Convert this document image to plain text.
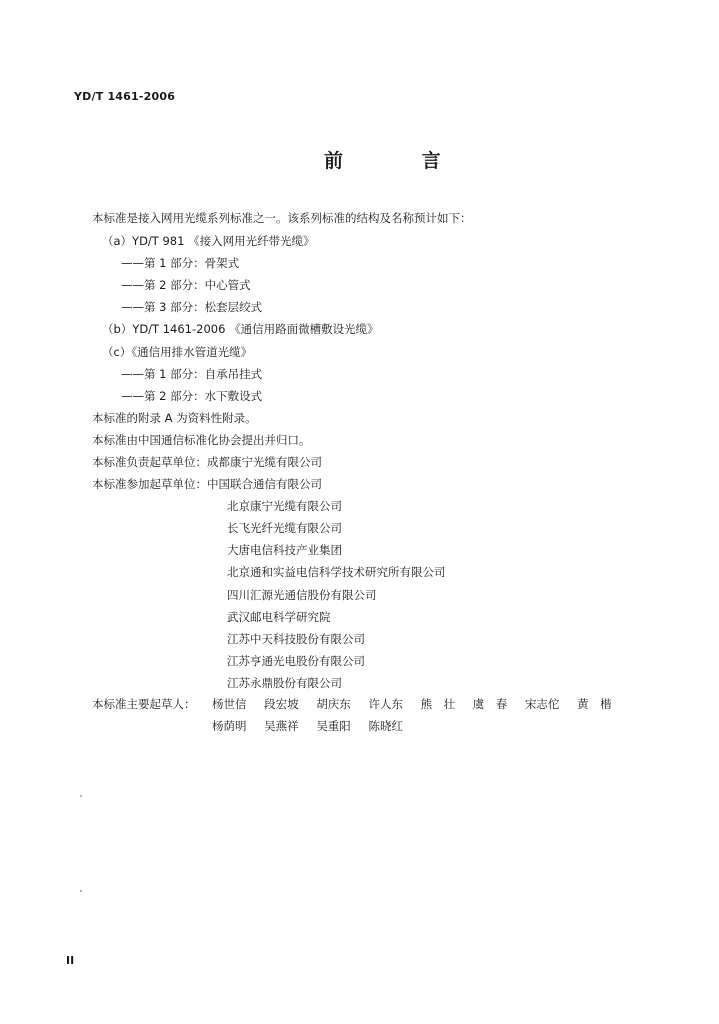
YD/T 1461-2006
前 言
本标准是接入网用光缆系列标准之一。该系列标准的结构及名称预计如下：
（a）YD/T 981 《接入网用光纤带光缆》
——第 1 部分：骨架式
——第 2 部分：中心管式
——第 3 部分：松套层绞式
（b）YD/T 1461-2006 《通信用路面微槽敷设光缆》
（c）《通信用排水管道光缆》
——第 1 部分：自承吊挂式
——第 2 部分：水下敷设式
本标准的附录 A 为资料性附录。
本标准由中国通信标准化协会提出并归口。
本标准负责起草单位：成都康宁光缆有限公司
本标准参加起草单位：中国联合通信有限公司
北京康宁光缆有限公司
长飞光纤光缆有限公司
大唐电信科技产业集团
北京通和实益电信科学技术研究所有限公司
四川汇源光通信股份有限公司
武汉邮电科学研究院
江苏中天科技股份有限公司
江苏亨通光电股份有限公司
江苏永鼎股份有限公司
本标准主要起草人： 杨世信 段宏坡 胡庆东 许人东 熊　壮 虞　春 宋志佗 黄　楷
杨荫明 吴燕祥 吴重阳 陈晓红
II
